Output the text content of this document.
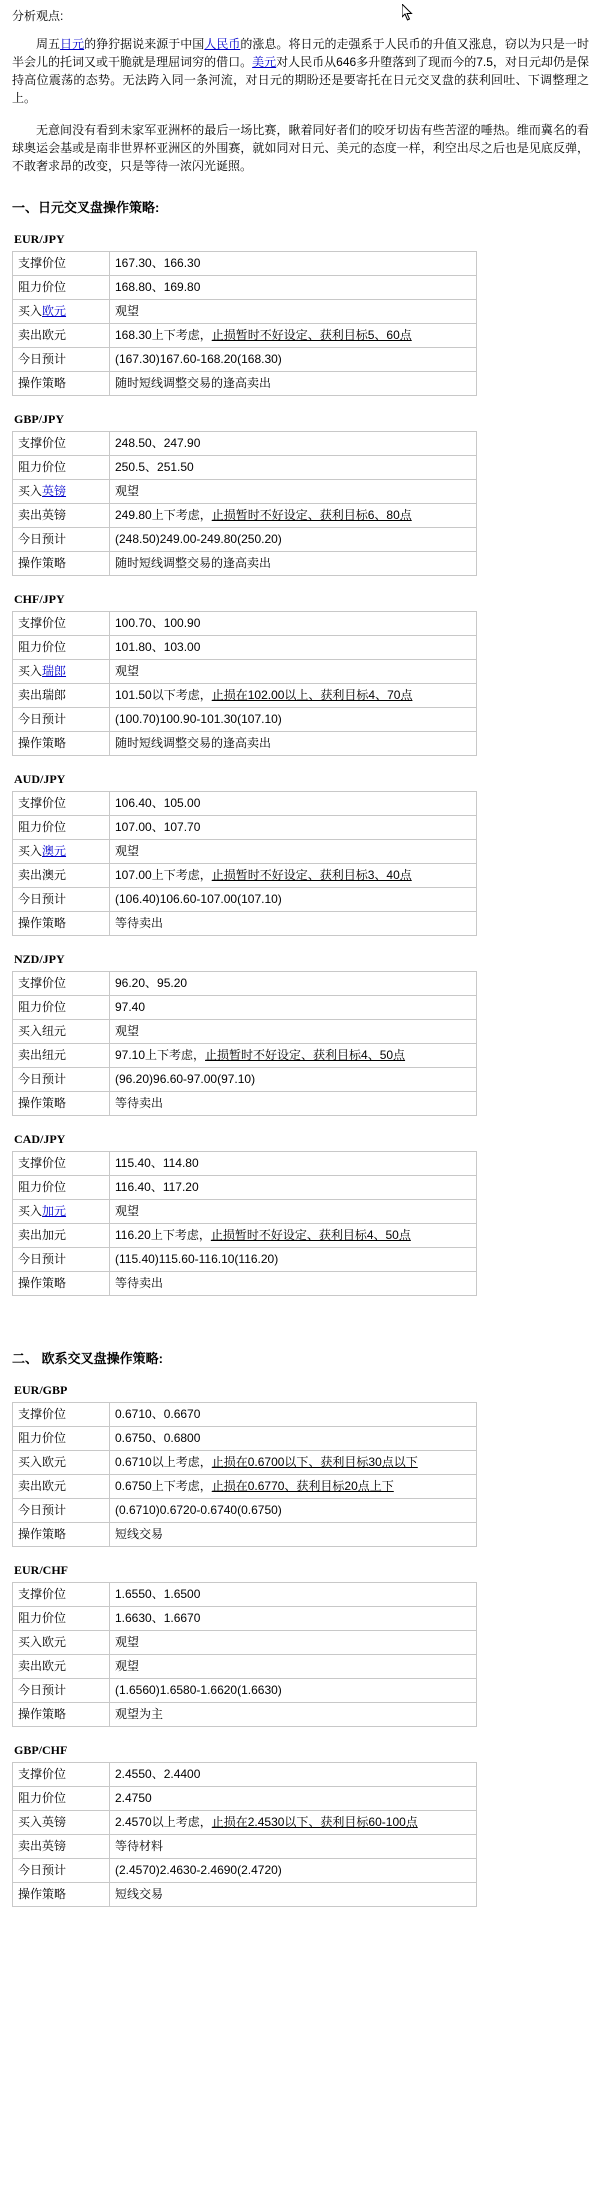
分析观点:
周五日元的狰狞据说来源于中国人民币的涨息。将日元的走强系于人民币的升值又涨息，窃以为只是一时半会儿的托词又或干脆就是理屈词穷的借口。美元对人民币从646多升堕落到了现而今的7.5，对日元却仍是保持高位震荡的态势。无法跨入同一条河流，对日元的期盼还是要寄托在日元交叉盘的获利回吐、下调整理之上。
无意间没有看到未家军亚洲杯的最后一场比赛，瞅着同好者们的咬牙切齿有些苦涩的唾热。维而冀名的看球奥运会基或是南非世界杯亚洲区的外围赛，就如同对日元、美元的态度一样，利空出尽之后也是见底反弹，不敢奢求昂的改变，只是等待一浓闪光诞照。
一、日元交叉盘操作策略:
EUR/JPY
支撑价位	167.30、166.30
阻力价位	168.80、169.80
买入欧元	观望
卖出欧元	168.30上下考虑，止损暂时不好设定、获利目标5、60点
今日预计	(167.30)167.60-168.20(168.30)
操作策略	随时短线调整交易的逢高卖出
GBP/JPY
支撑价位	248.50、247.90
阻力价位	250.5、251.50
买入英镑	观望
卖出英镑	249.80上下考虑，止损暂时不好设定、获利目标6、80点
今日预计	(248.50)249.00-249.80(250.20)
操作策略	随时短线调整交易的逢高卖出
CHF/JPY
支撑价位	100.70、100.90
阻力价位	101.80、103.00
买入瑞郎	观望
卖出瑞郎	101.50以下考虑，止损在102.00以上、获利目标4、70点
今日预计	(100.70)100.90-101.30(107.10)
操作策略	随时短线调整交易的逢高卖出
AUD/JPY
支撑价位	106.40、105.00
阻力价位	107.00、107.70
买入澳元	观望
卖出澳元	107.00上下考虑，止损暂时不好设定、获利目标3、40点
今日预计	(106.40)106.60-107.00(107.10)
操作策略	等待卖出
NZD/JPY
支撑价位	96.20、95.20
阻力价位	97.40
买入纽元	观望
卖出纽元	97.10上下考虑，止损暂时不好设定、获利目标4、50点
今日预计	(96.20)96.60-97.00(97.10)
操作策略	等待卖出
CAD/JPY
支撑价位	115.40、114.80
阻力价位	116.40、117.20
买入加元	观望
卖出加元	116.20上下考虑，止损暂时不好设定、获利目标4、50点
今日预计	(115.40)115.60-116.10(116.20)
操作策略	等待卖出
二、 欧系交叉盘操作策略:
EUR/GBP
支撑价位	0.6710、0.6670
阻力价位	0.6750、0.6800
买入欧元	0.6710以上考虑，止损在0.6700以下、获利目标30点以下
卖出欧元	0.6750上下考虑，止损在0.6770、获利目标20点上下
今日预计	(0.6710)0.6720-0.6740(0.6750)
操作策略	短线交易
EUR/CHF
支撑价位	1.6550、1.6500
阻力价位	1.6630、1.6670
买入欧元	观望
卖出欧元	观望
今日预计	(1.6560)1.6580-1.6620(1.6630)
操作策略	观望为主
GBP/CHF
支撑价位	2.4550、2.4400
阻力价位	2.4750
买入英镑	2.4570以上考虑，止损在2.4530以下、获利目标60-100点
卖出英镑	等待材料
今日预计	(2.4570)2.4630-2.4690(2.4720)
操作策略	短线交易
